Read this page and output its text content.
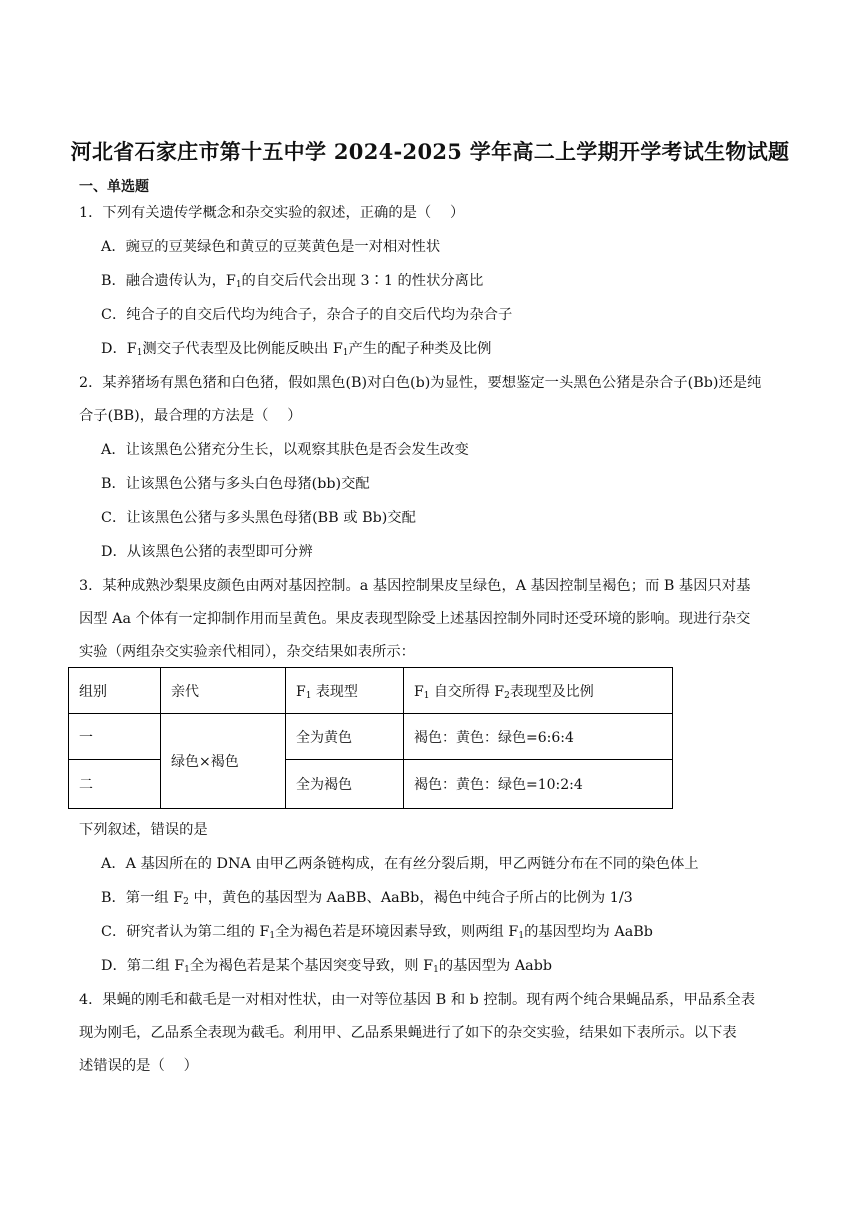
河北省石家庄市第十五中学 2024-2025 学年高二上学期开学考试生物试题
一、单选题
1．下列有关遗传学概念和杂交实验的叙述，正确的是（　 ）
A．豌豆的豆荚绿色和黄豆的豆荚黄色是一对相对性状
B．融合遗传认为，$F_1$的自交后代会出现 3∶1 的性状分离比
C．纯合子的自交后代均为纯合子，杂合子的自交后代均为杂合子
D．$F_1$测交子代表型及比例能反映出 $F_1$产生的配子种类及比例
2．某养猪场有黑色猪和白色猪，假如黑色(B)对白色(b)为显性，要想鉴定一头黑色公猪是杂合子(Bb)还是纯
合子(BB)，最合理的方法是（　 ）
A．让该黑色公猪充分生长，以观察其肤色是否会发生改变
B．让该黑色公猪与多头白色母猪(bb)交配
C．让该黑色公猪与多头黑色母猪(BB 或 Bb)交配
D．从该黑色公猪的表型即可分辨
3．某种成熟沙梨果皮颜色由两对基因控制。a 基因控制果皮呈绿色，A 基因控制呈褐色；而 B 基因只对基
因型 Aa 个体有一定抑制作用而呈黄色。果皮表现型除受上述基因控制外同时还受环境的影响。现进行杂交
实验（两组杂交实验亲代相同），杂交结果如表所示：
组别	亲代	$F_1$ 表现型	$F_1$ 自交所得 $F_2$表现型及比例
一	绿色×褐色	全为黄色	褐色：黄色：绿色=6:6:4
二		全为褐色	褐色：黄色：绿色=10:2:4
下列叙述，错误的是
A．A 基因所在的 DNA 由甲乙两条链构成，在有丝分裂后期，甲乙两链分布在不同的染色体上
B．第一组 $F_2$ 中，黄色的基因型为 AaBB、AaBb，褐色中纯合子所占的比例为 1/3
C．研究者认为第二组的 $F_1$全为褐色若是环境因素导致，则两组 $F_1$的基因型均为 AaBb
D．第二组 $F_1$全为褐色若是某个基因突变导致，则 $F_1$的基因型为 Aabb
4．果蝇的刚毛和截毛是一对相对性状，由一对等位基因 B 和 b 控制。现有两个纯合果蝇品系，甲品系全表
现为刚毛，乙品系全表现为截毛。利用甲、乙品系果蝇进行了如下的杂交实验，结果如下表所示。以下表
述错误的是（　 ）
